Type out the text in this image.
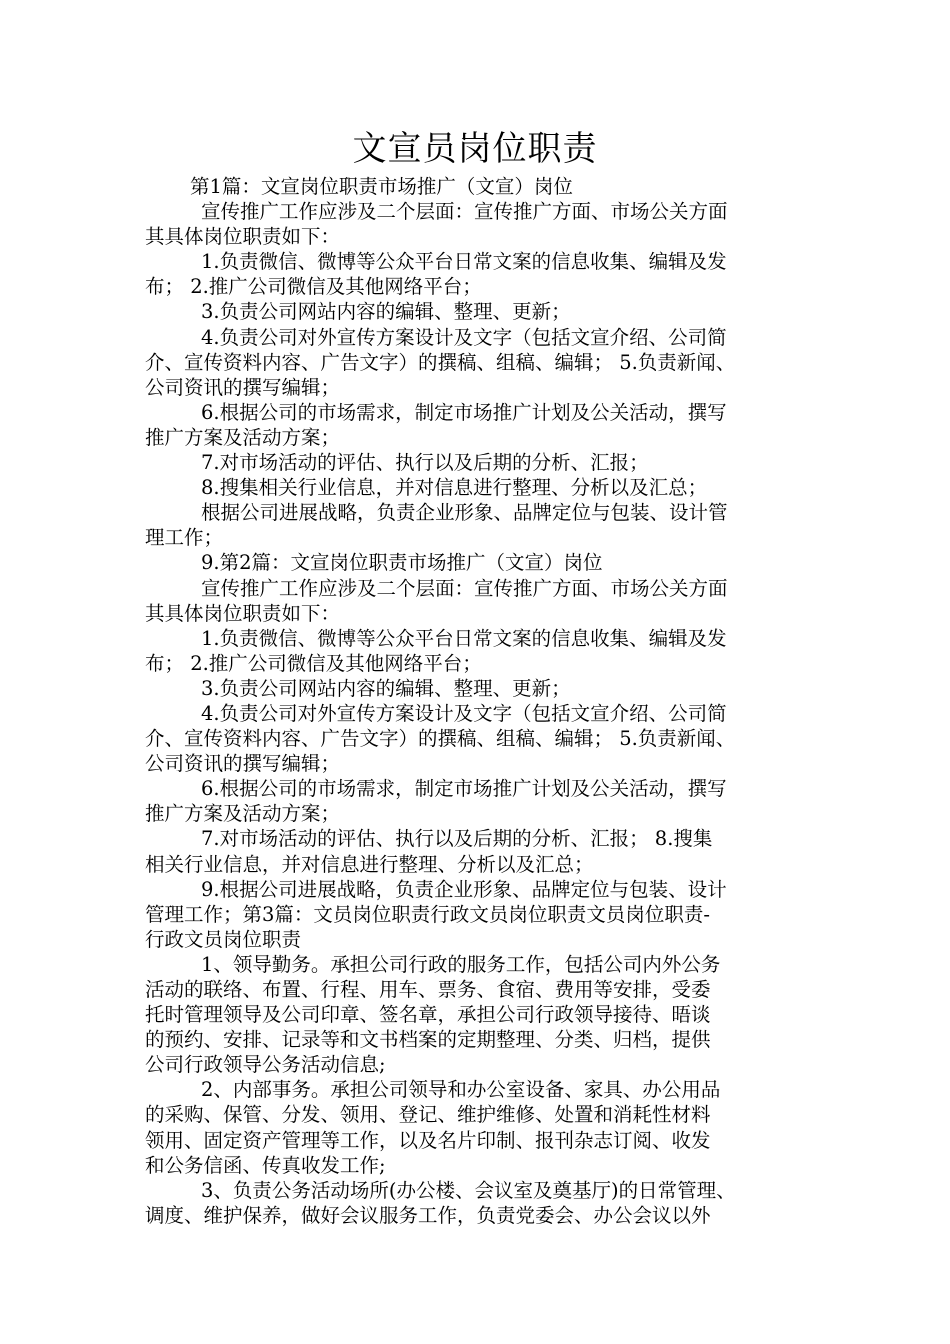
文宣员岗位职责
第1篇：文宣岗位职责市场推广（文宣）岗位
宣传推广工作应涉及二个层面：宣传推广方面、市场公关方面
其具体岗位职责如下：
1.负责微信、微博等公众平台日常文案的信息收集、编辑及发
布； 2.推广公司微信及其他网络平台；
3.负责公司网站内容的编辑、整理、更新；
4.负责公司对外宣传方案设计及文字（包括文宣介绍、公司简
介、宣传资料内容、广告文字）的撰稿、组稿、编辑； 5.负责新闻、
公司资讯的撰写编辑；
6.根据公司的市场需求，制定市场推广计划及公关活动，撰写
推广方案及活动方案；
7.对市场活动的评估、执行以及后期的分析、汇报；
8.搜集相关行业信息，并对信息进行整理、分析以及汇总；
根据公司进展战略，负责企业形象、品牌定位与包装、设计管
理工作；
9.第2篇：文宣岗位职责市场推广（文宣）岗位
宣传推广工作应涉及二个层面：宣传推广方面、市场公关方面
其具体岗位职责如下：
1.负责微信、微博等公众平台日常文案的信息收集、编辑及发
布； 2.推广公司微信及其他网络平台；
3.负责公司网站内容的编辑、整理、更新；
4.负责公司对外宣传方案设计及文字（包括文宣介绍、公司简
介、宣传资料内容、广告文字）的撰稿、组稿、编辑； 5.负责新闻、
公司资讯的撰写编辑；
6.根据公司的市场需求，制定市场推广计划及公关活动，撰写
推广方案及活动方案；
7.对市场活动的评估、执行以及后期的分析、汇报； 8.搜集
相关行业信息，并对信息进行整理、分析以及汇总；
9.根据公司进展战略，负责企业形象、品牌定位与包装、设计
管理工作；第3篇：文员岗位职责行政文员岗位职责文员岗位职责-
行政文员岗位职责
1、领导勤务。承担公司行政的服务工作，包括公司内外公务
活动的联络、布置、行程、用车、票务、食宿、费用等安排，受委
托时管理领导及公司印章、签名章，承担公司行政领导接待、晤谈
的预约、安排、记录等和文书档案的定期整理、分类、归档，提供
公司行政领导公务活动信息;
2、内部事务。承担公司领导和办公室设备、家具、办公用品
的采购、保管、分发、领用、登记、维护维修、处置和消耗性材料
领用、固定资产管理等工作，以及名片印制、报刊杂志订阅、收发
和公务信函、传真收发工作;
3、负责公务活动场所(办公楼、会议室及奠基厅)的日常管理、
调度、维护保养，做好会议服务工作，负责党委会、办公会议以外
